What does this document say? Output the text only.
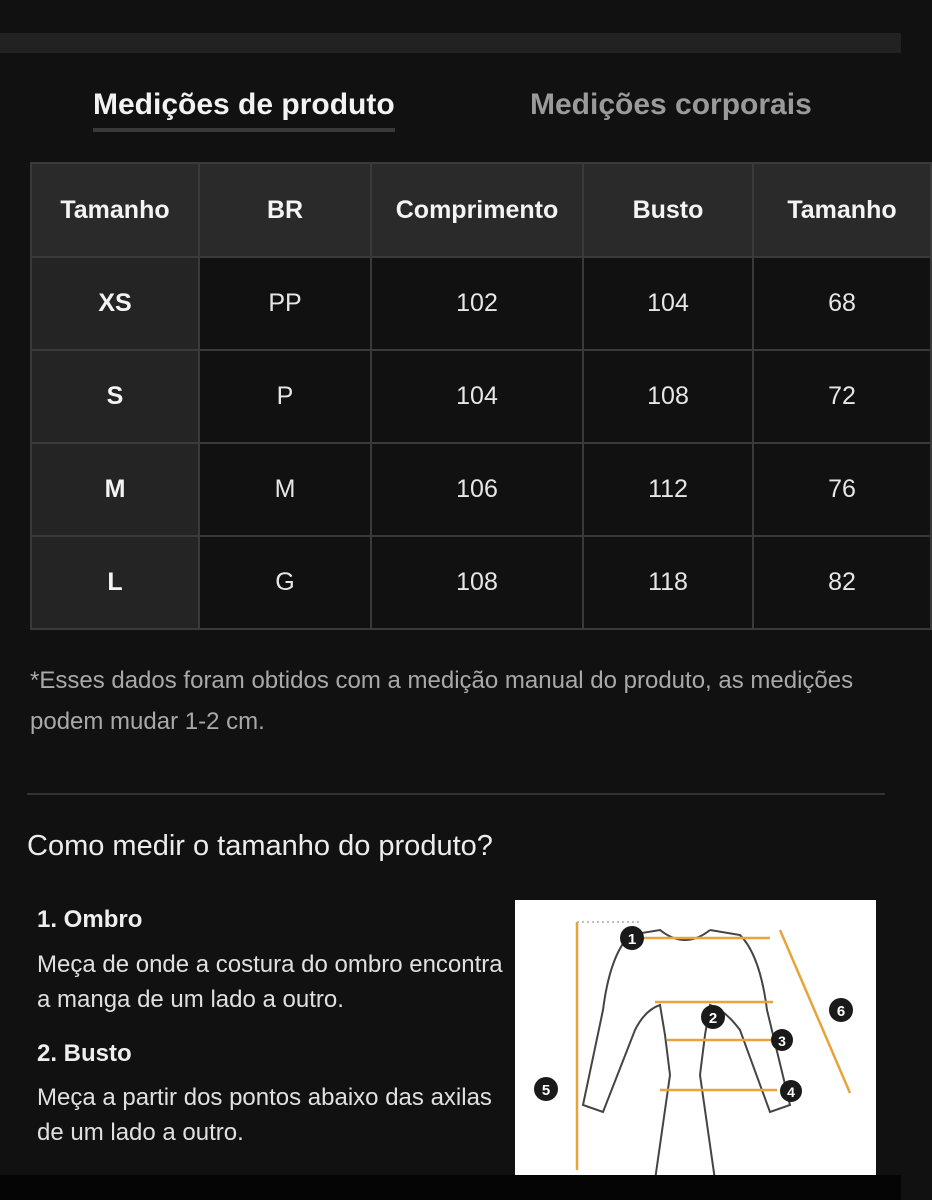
Medições de produto	Medições corporais
Tamanho	BR	Comprimento	Busto	Tamanho
XS	PP	102	104	68
S	P	104	108	72
M	M	106	112	76
L	G	108	118	82
*Esses dados foram obtidos com a medição manual do produto, as medições podem mudar 1-2 cm.
Como medir o tamanho do produto?
1. Ombro
Meça de onde a costura do ombro encontra a manga de um lado a outro.
2. Busto
Meça a partir dos pontos abaixo das axilas de um lado a outro.
1
2
3
4
5
6
